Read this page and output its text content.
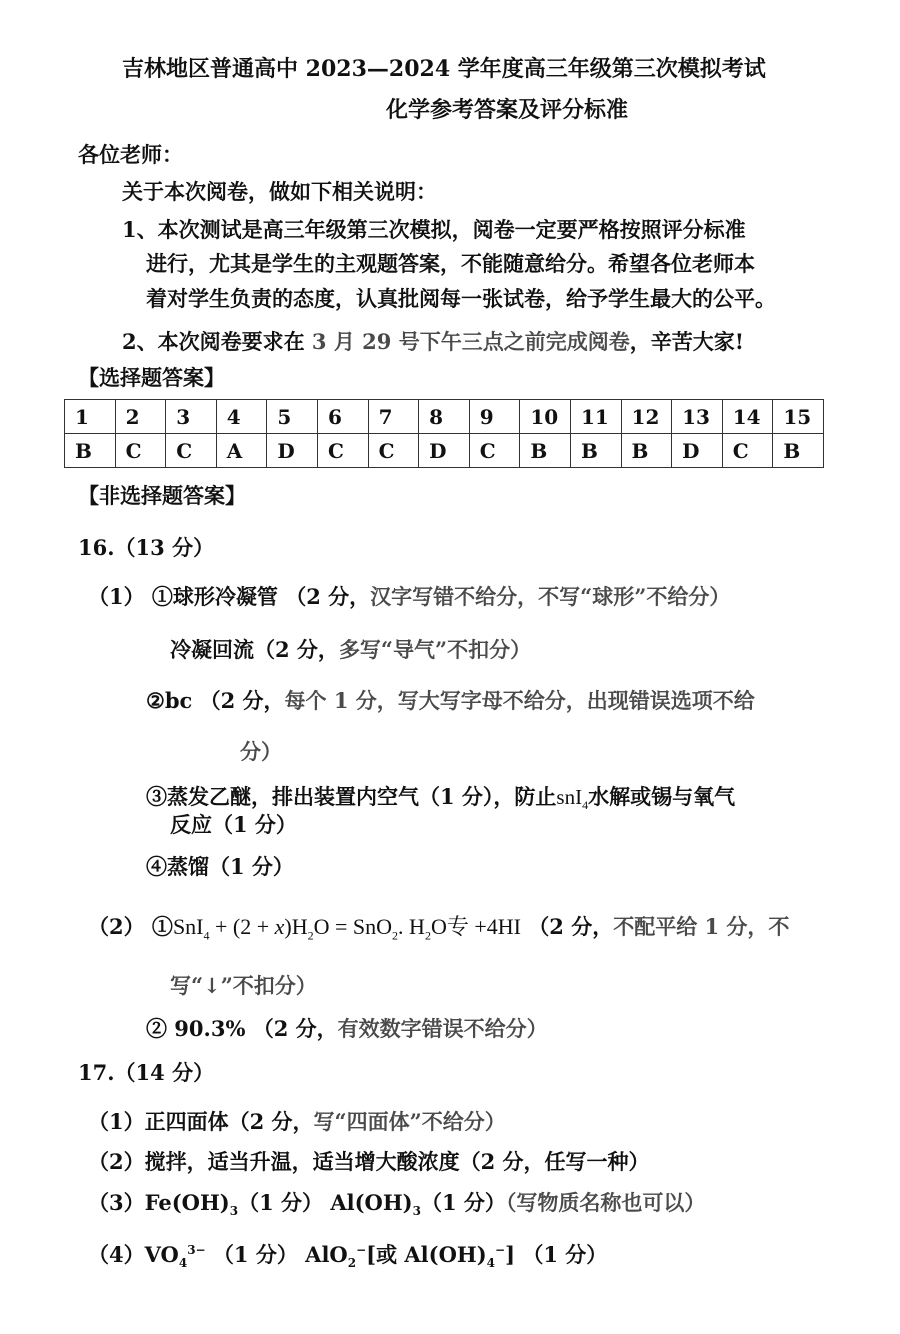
吉林地区普通高中 2023—2024 学年度高三年级第三次模拟考试
化学参考答案及评分标准
各位老师：
关于本次阅卷，做如下相关说明：
1、本次测试是高三年级第三次模拟，阅卷一定要严格按照评分标准
进行，尤其是学生的主观题答案，不能随意给分。希望各位老师本
着对学生负责的态度，认真批阅每一张试卷，给予学生最大的公平。
2、本次阅卷要求在 3 月 29 号下午三点之前完成阅卷，辛苦大家!
【选择题答案】
1	2	3	4	5	6	7	8	9	10	11	12	13	14	15
B	C	C	A	D	C	C	D	C	B	B	B	D	C	B
【非选择题答案】
16.（13 分）
（1） ①球形冷凝管 （2 分，汉字写错不给分，不写“球形”不给分）
冷凝回流（2 分，多写“导气”不扣分）
②bc （2 分，每个 1 分，写大写字母不给分，出现错误选项不给
分）
③蒸发乙醚，排出装置内空气（1 分），防止snI$_4$水解或锡与氧气
反应（1 分）
④蒸馏（1 分）
（2） ①SnI$_4$ + $(2 + x)H_2O = SnO_2$. $H_2O$专 +4HI （2 分，不配平给 1 分，不
写“↓”不扣分）
② 90.3% （2 分，有效数字错误不给分）
17.（14 分）
（1）正四面体（2 分，写“四面体”不给分）
（2）搅拌，适当升温，适当增大酸浓度（2 分，任写一种）
$(3)Fe(OH)_3(1$ 分） $Al(OH)_3(1$ 分）（写物质名称也可以）
$(4)VO_4^{3-}$ （1 分） AlO$_2$−[或 $Al(OH)_4^-$] （1 分）
